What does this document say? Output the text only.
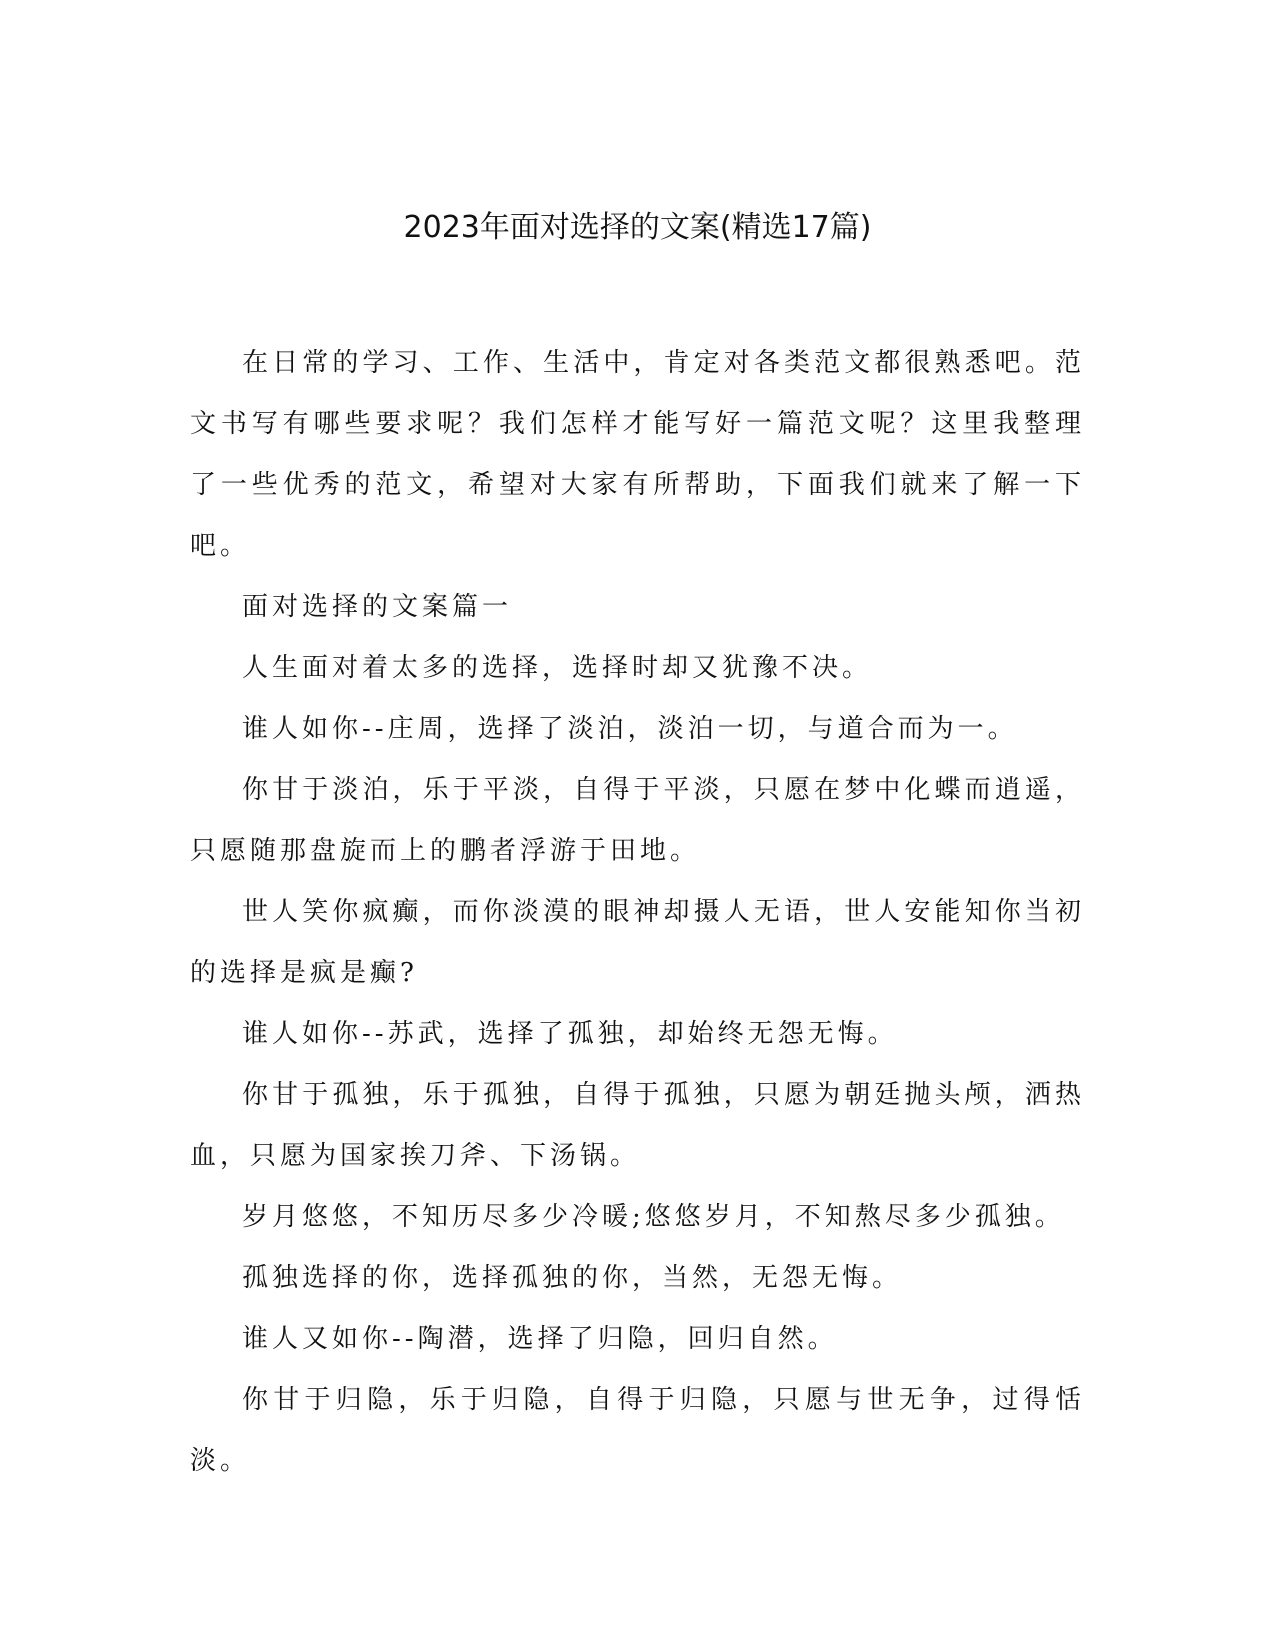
2023年面对选择的文案(精选17篇)

在日常的学习、工作、生活中，肯定对各类范文都很熟悉吧。范文书写有哪些要求呢？我们怎样才能写好一篇范文呢？这里我整理了一些优秀的范文，希望对大家有所帮助，下面我们就来了解一下吧。

面对选择的文案篇一

人生面对着太多的选择，选择时却又犹豫不决。

谁人如你--庄周，选择了淡泊，淡泊一切，与道合而为一。

你甘于淡泊，乐于平淡，自得于平淡，只愿在梦中化蝶而逍遥，只愿随那盘旋而上的鹏者浮游于田地。

世人笑你疯癫，而你淡漠的眼神却摄人无语，世人安能知你当初的选择是疯是癫?

谁人如你--苏武，选择了孤独，却始终无怨无悔。

你甘于孤独，乐于孤独，自得于孤独，只愿为朝廷抛头颅，洒热血，只愿为国家挨刀斧、下汤锅。

岁月悠悠，不知历尽多少冷暖;悠悠岁月，不知熬尽多少孤独。

孤独选择的你，选择孤独的你，当然，无怨无悔。

谁人又如你--陶潜，选择了归隐，回归自然。

你甘于归隐，乐于归隐，自得于归隐，只愿与世无争，过得恬淡。
